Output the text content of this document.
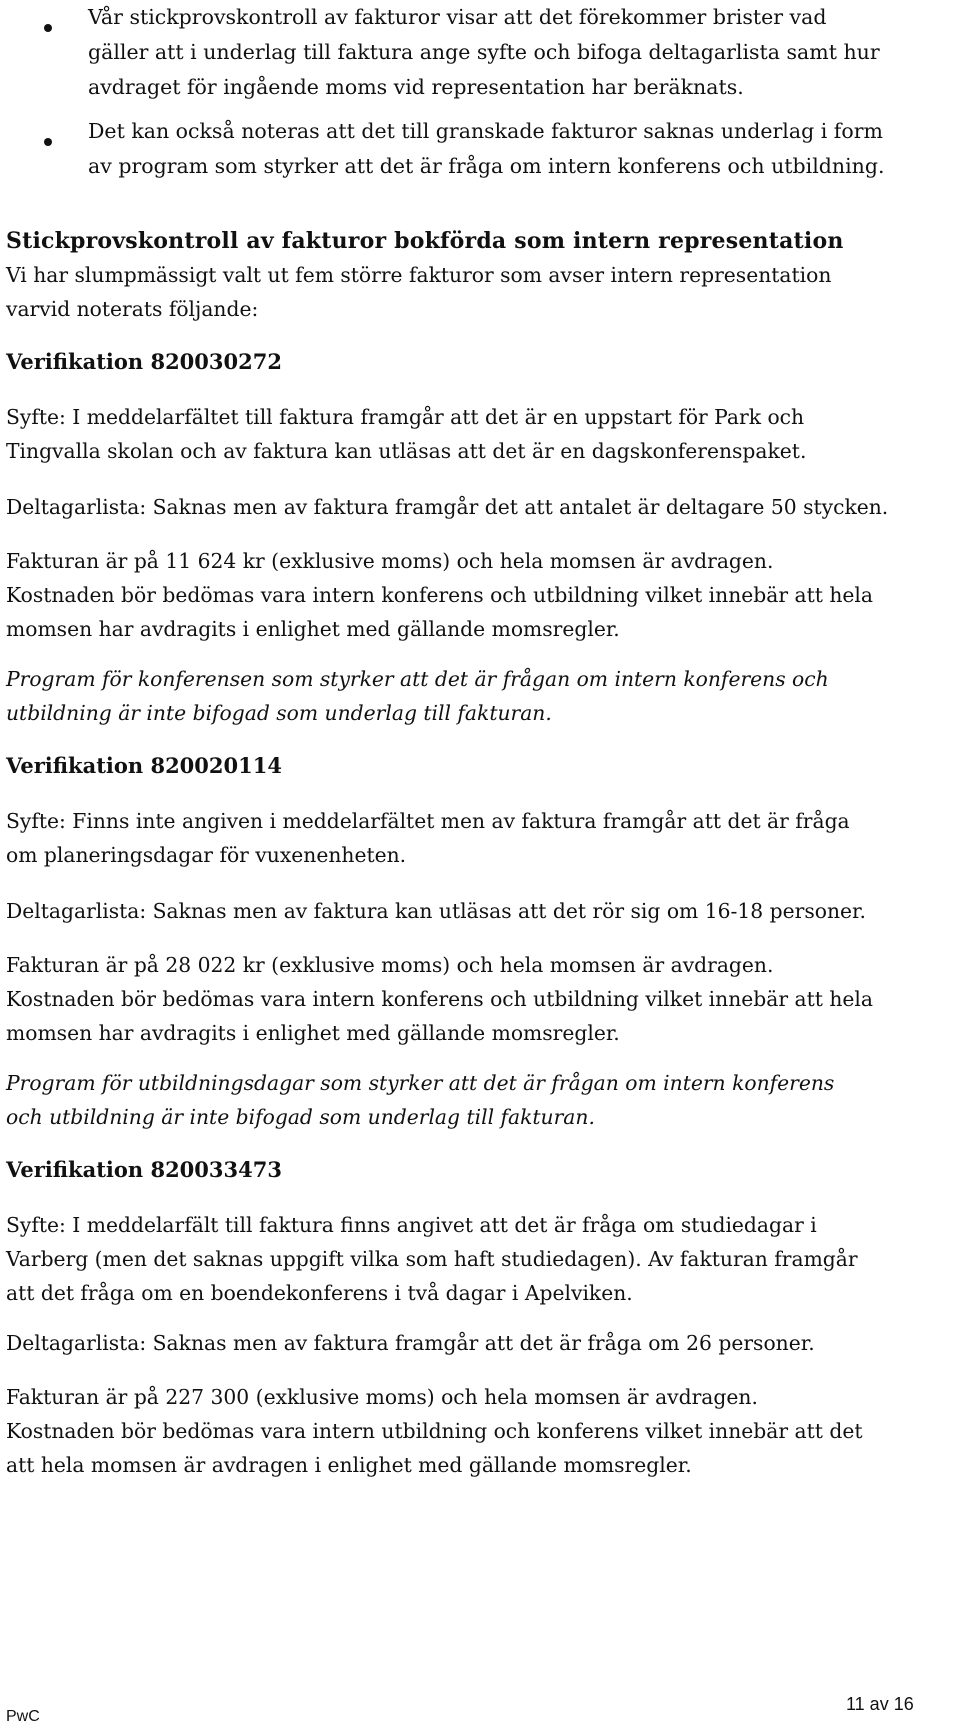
Vår stickprovskontroll av fakturor visar att det förekommer brister vad
gäller att i underlag till faktura ange syfte och bifoga deltagarlista samt hur
avdraget för ingående moms vid representation har beräknats.
Det kan också noteras att det till granskade fakturor saknas underlag i form
av program som styrker att det är fråga om intern konferens och utbildning.
Stickprovskontroll av fakturor bokförda som intern representation
Vi har slumpmässigt valt ut fem större fakturor som avser intern representation
varvid noterats följande:
Verifikation 820030272
Syfte: I meddelarfältet till faktura framgår att det är en uppstart för Park och
Tingvalla skolan och av faktura kan utläsas att det är en dagskonferenspaket.
Deltagarlista: Saknas men av faktura framgår det att antalet är deltagare 50 stycken.
Fakturan är på 11 624 kr (exklusive moms) och hela momsen är avdragen.
Kostnaden bör bedömas vara intern konferens och utbildning vilket innebär att hela
momsen har avdragits i enlighet med gällande momsregler.
Program för konferensen som styrker att det är frågan om intern konferens och
utbildning är inte bifogad som underlag till fakturan.
Verifikation 820020114
Syfte: Finns inte angiven i meddelarfältet men av faktura framgår att det är fråga
om planeringsdagar för vuxenenheten.
Deltagarlista: Saknas men av faktura kan utläsas att det rör sig om 16-18 personer.
Fakturan är på 28 022 kr (exklusive moms) och hela momsen är avdragen.
Kostnaden bör bedömas vara intern konferens och utbildning vilket innebär att hela
momsen har avdragits i enlighet med gällande momsregler.
Program för utbildningsdagar som styrker att det är frågan om intern konferens
och utbildning är inte bifogad som underlag till fakturan.
Verifikation 820033473
Syfte: I meddelarfält till faktura finns angivet att det är fråga om studiedagar i
Varberg (men det saknas uppgift vilka som haft studiedagen). Av fakturan framgår
att det fråga om en boendekonferens i två dagar i Apelviken.
Deltagarlista: Saknas men av faktura framgår att det är fråga om 26 personer.
Fakturan är på 227 300 (exklusive moms) och hela momsen är avdragen.
Kostnaden bör bedömas vara intern utbildning och konferens vilket innebär att det
att hela momsen är avdragen i enlighet med gällande momsregler.
11 av 16
PwC
